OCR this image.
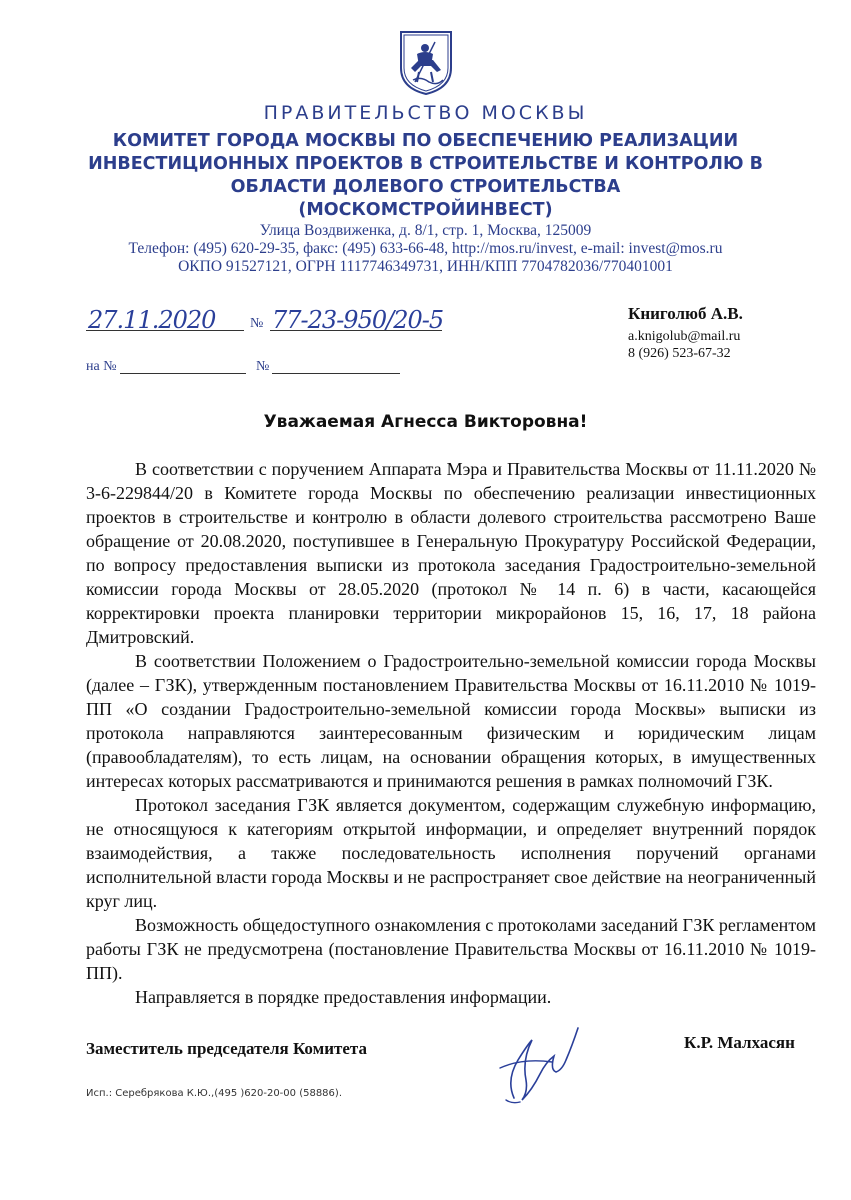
ПРАВИТЕЛЬСТВО МОСКВЫ
КОМИТЕТ ГОРОДА МОСКВЫ ПО ОБЕСПЕЧЕНИЮ РЕАЛИЗАЦИИ
ИНВЕСТИЦИОННЫХ ПРОЕКТОВ В СТРОИТЕЛЬСТВЕ И КОНТРОЛЮ В
ОБЛАСТИ ДОЛЕВОГО СТРОИТЕЛЬСТВА
(МОСКОМСТРОЙИНВЕСТ)
Улица Воздвиженка, д. 8/1, стр. 1, Москва, 125009
Телефон: (495) 620-29-35, факс: (495) 633-66-48, http://mos.ru/invest, e-mail: invest@mos.ru
ОКПО 91527121, ОГРН 1117746349731, ИНН/КПП 7704782036/770401001
27.11.2020 № 77-23-950/20-5
на №	№
Книголюб А.В.
a.knigolub@mail.ru
8 (926) 523-67-32
Уважаемая Агнесса Викторовна!

В соответствии с поручением Аппарата Мэра и Правительства Москвы от 11.11.2020 № 3-6-229844/20 в Комитете города Москвы по обеспечению реализации инвестиционных проектов в строительстве и контролю в области долевого строительства рассмотрено Ваше обращение от 20.08.2020, поступившее в Генеральную Прокуратуру Российской Федерации, по вопросу предоставления выписки из протокола заседания Градостроительно-земельной комиссии города Москвы от 28.05.2020 (протокол № 14 п. 6) в части, касающейся корректировки проекта планировки территории микрорайонов 15, 16, 17, 18 района Дмитровский.

В соответствии Положением о Градостроительно-земельной комиссии города Москвы (далее – ГЗК), утвержденным постановлением Правительства Москвы от 16.11.2010 № 1019-ПП «О создании Градостроительно-земельной комиссии города Москвы» выписки из протокола направляются заинтересованным физическим и юридическим лицам (правообладателям), то есть лицам, на основании обращения которых, в имущественных интересах которых рассматриваются и принимаются решения в рамках полномочий ГЗК.

Протокол заседания ГЗК является документом, содержащим служебную информацию, не относящуюся к категориям открытой информации, и определяет внутренний порядок взаимодействия, а также последовательность исполнения поручений органами исполнительной власти города Москвы и не распространяет свое действие на неограниченный круг лиц.

Возможность общедоступного ознакомления с протоколами заседаний ГЗК регламентом работы ГЗК не предусмотрена (постановление Правительства Москвы от 16.11.2010 № 1019-ПП).

Направляется в порядке предоставления информации.

Заместитель председателя Комитета	К.Р. Малхасян
Исп.: Серебрякова К.Ю.,(495 )620-20-00 (58886).
